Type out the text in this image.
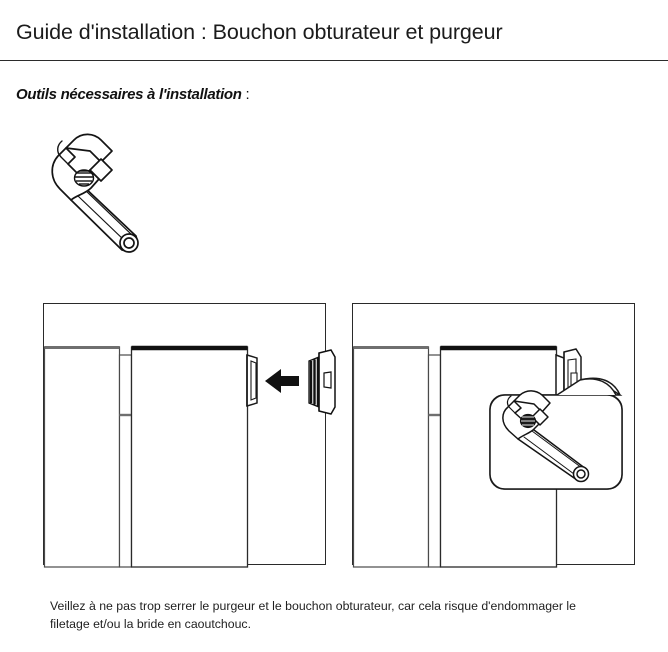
Guide d'installation : Bouchon obturateur et purgeur
Outils nécessaires à l'installation :

Veillez à ne pas trop serrer le purgeur et le bouchon obturateur, car cela risque d'endommager le filetage et/ou la bride en caoutchouc.
